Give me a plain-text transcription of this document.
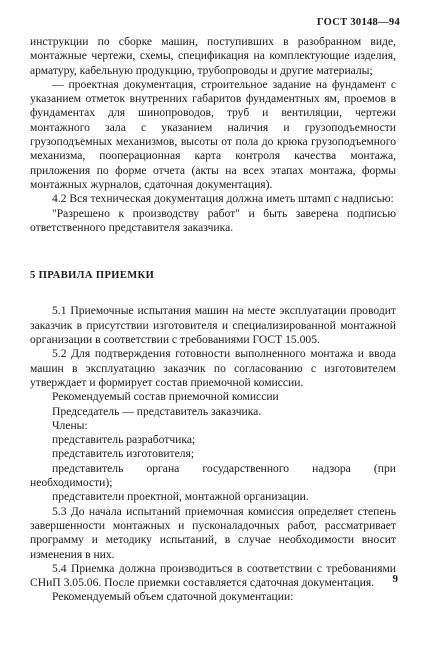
ГОСТ 30148—94

инструкции по сборке машин, поступивших в разобранном виде, монтажные чертежи, схемы, спецификация на комплектующие изделия, арматуру, кабельную продукцию, трубопроводы и другие материалы;

— проектная документация, строительное задание на фундамент с указанием отметок внутренних габаритов фундаментных ям, проемов в фундаментах для шинопроводов, труб и вентиляции, чертежи монтажного зала с указанием наличия и грузоподъемности грузоподъемных механизмов, высоты от пола до крюка грузоподъемного механизма, пооперационная карта контроля качества монтажа, приложения по форме отчета (акты на всех этапах монтажа, формы монтажных журналов, сдаточная документация).

4.2 Вся техническая документация должна иметь штамп с надписью:

"Разрешено к производству работ" и быть заверена подписью ответственного представителя заказчика.

5 ПРАВИЛА ПРИЕМКИ

5.1 Приемочные испытания машин на месте эксплуатации проводит заказчик в присутствии изготовителя и специализированной монтажной организации в соответствии с требованиями ГОСТ 15.005.

5.2 Для подтверждения готовности выполненного монтажа и ввода машин в эксплуатацию заказчик по согласованию с изготовителем утверждает и формирует состав приемочной комиссии.

Рекомендуемый состав приемочной комиссии

Председатель — представитель заказчика.

Члены:

представитель разработчика;

представитель изготовителя;

представитель органа государственного надзора (при необходимости);

представители проектной, монтажной организации.

5.3 До начала испытаний приемочная комиссия определяет степень завершенности монтажных и пусконаладочных работ, рассматривает программу и методику испытаний, в случае необходимости вносит изменения в них.

5.4 Приемка должна производиться в соответствии с требованиями СНиП 3.05.06. После приемки составляется сдаточная документация.

Рекомендуемый объем сдаточной документации:

9
